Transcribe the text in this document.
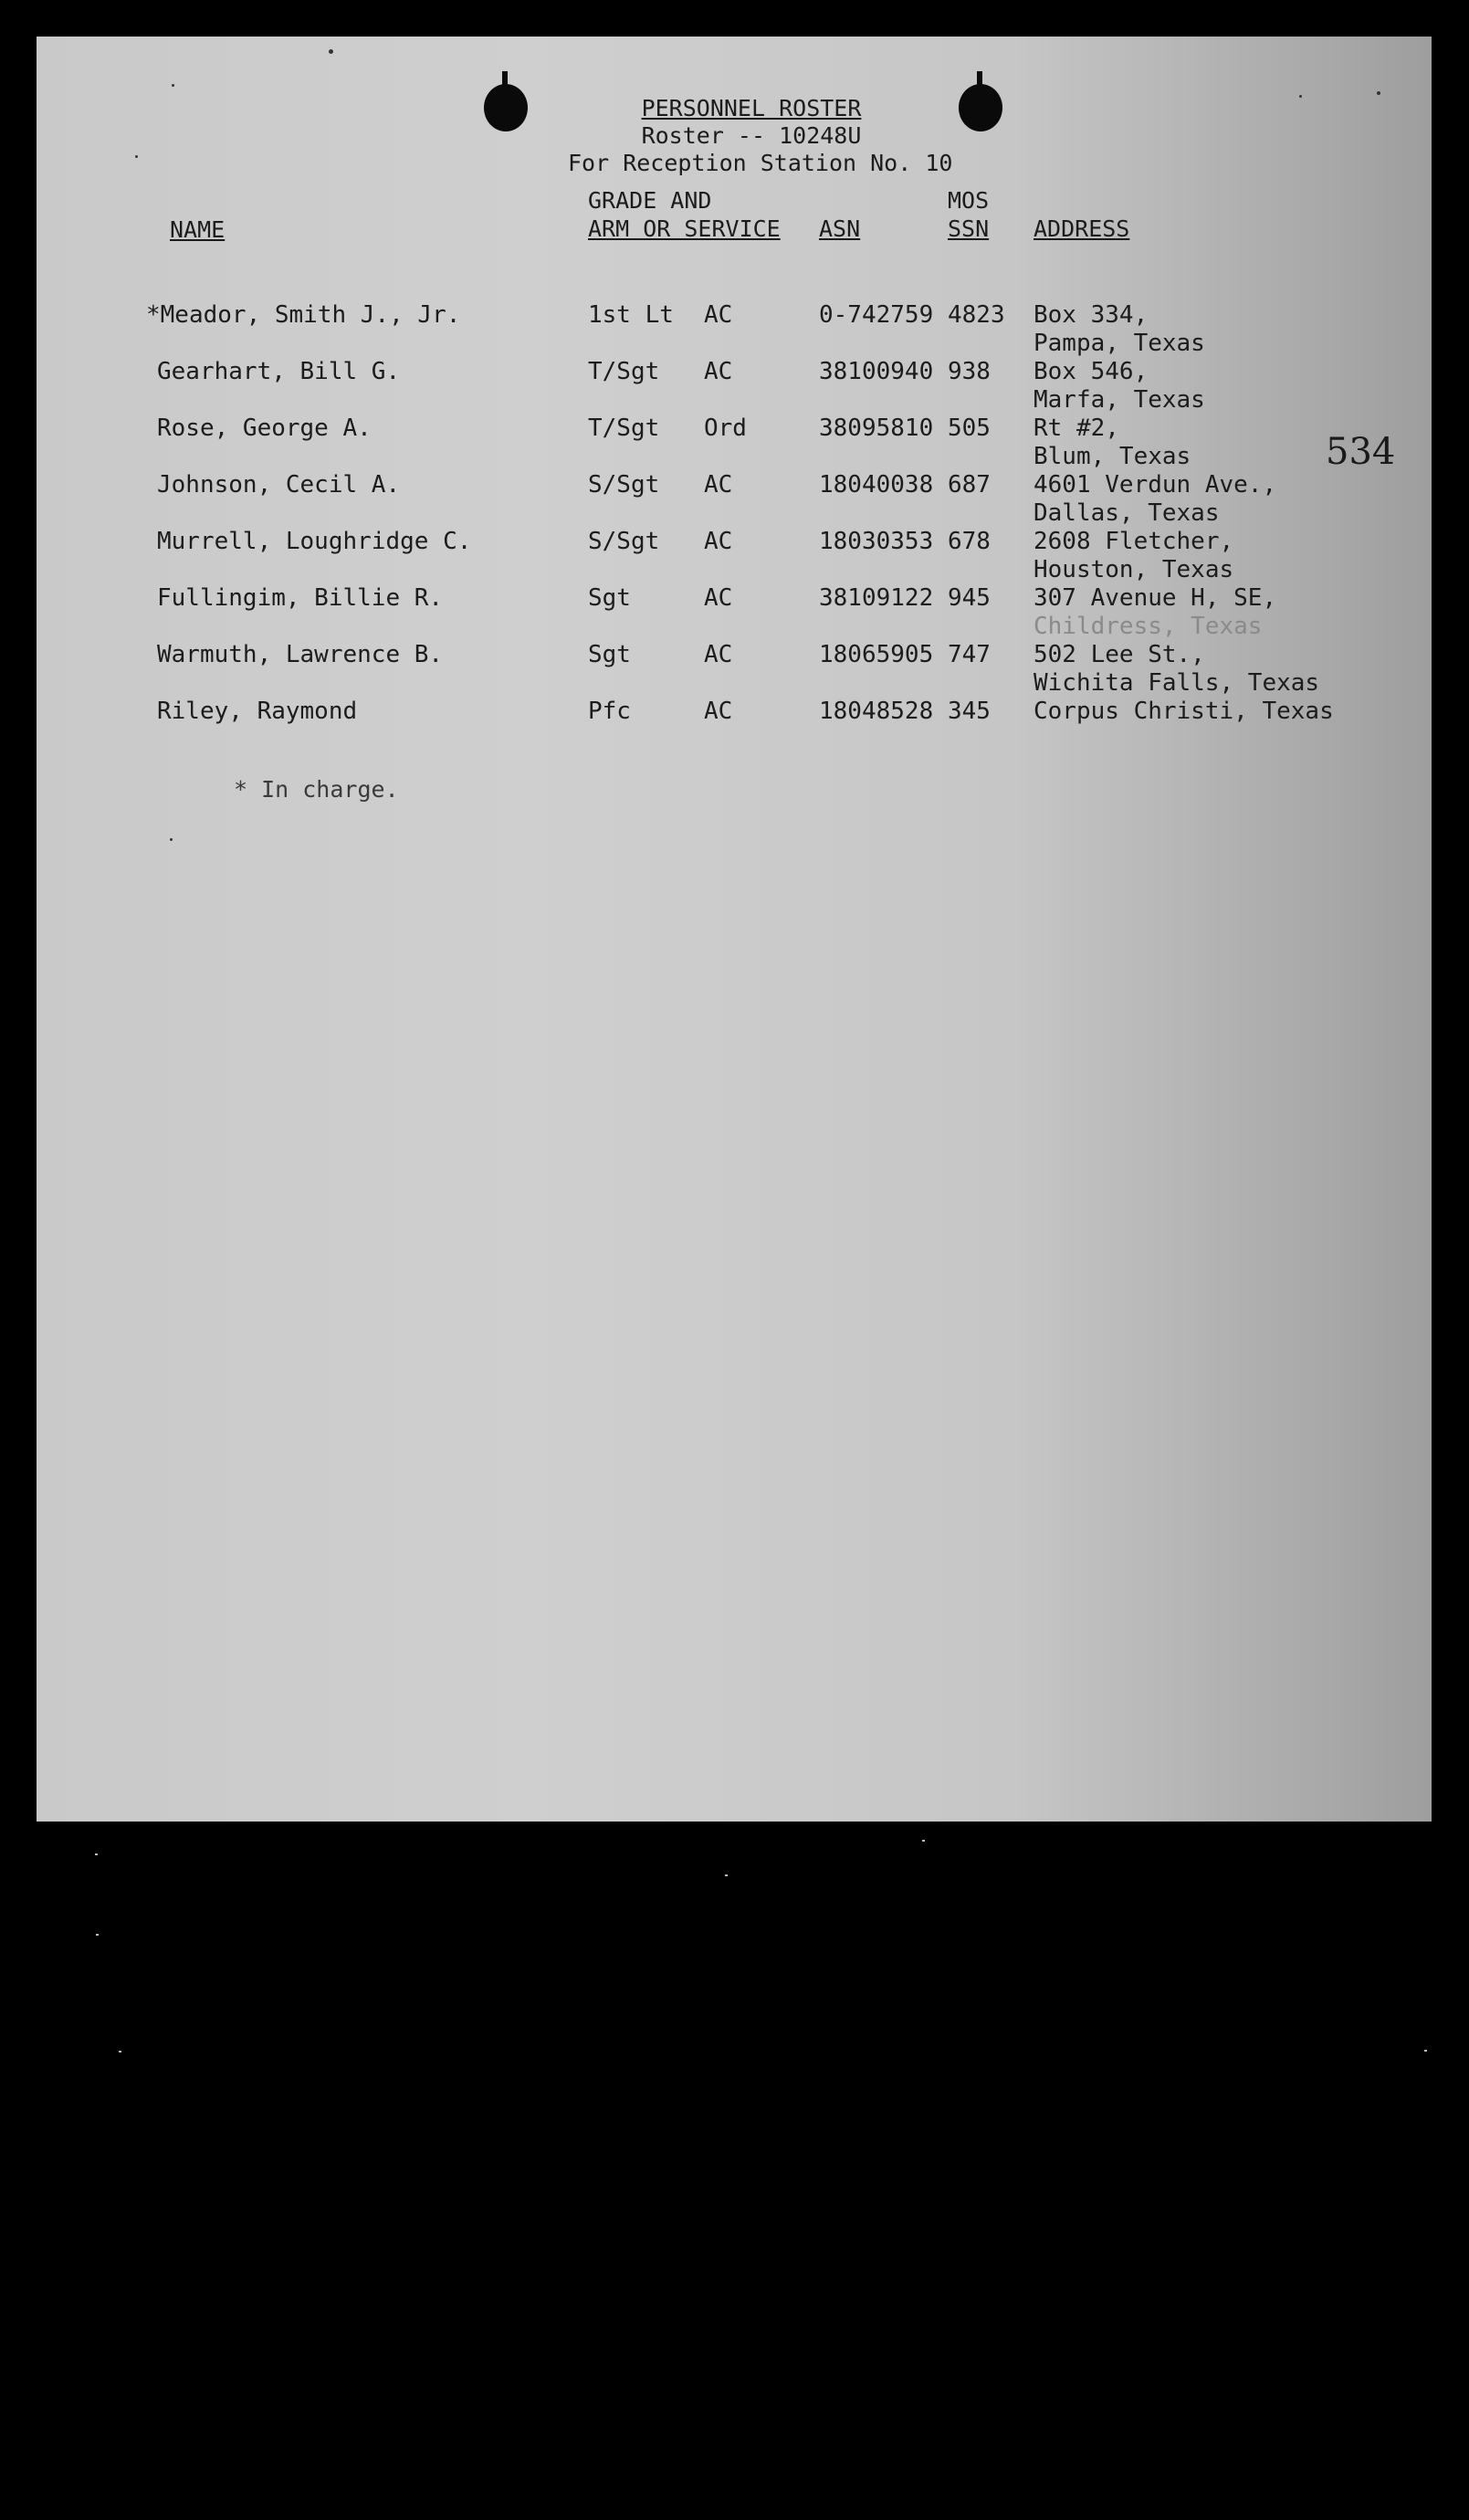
PERSONNEL ROSTER
Roster -- 10248U
For Reception Station No. 10
NAME
GRADE AND
ARM OR SERVICE ASN
MOS
SSN ADDRESS
*Meador, Smith J., Jr.	1st Lt AC	0-742759 4823 Box 334,
Pampa, Texas
Gearhart, Bill G.	T/Sgt AC	38100940 938 Box 546,
Marfa, Texas
Rose, George A.	T/Sgt Ord	38095810 505 Rt #2,
Blum, Texas
Johnson, Cecil A.	S/Sgt AC	18040038 687 4601 Verdun Ave.,
Dallas, Texas
Murrell, Loughridge C.	S/Sgt AC	18030353 678 2608 Fletcher,
Houston, Texas
Fullingim, Billie R.	Sgt	AC	38109122 945 307 Avenue H, SE,
Childress, Texas
Warmuth, Lawrence B.	Sgt	AC	18065905 747 502 Lee St.,
Wichita Falls, Texas
Riley, Raymond	Pfc	AC	18048528 345 Corpus Christi, Texas
534
* In charge.
